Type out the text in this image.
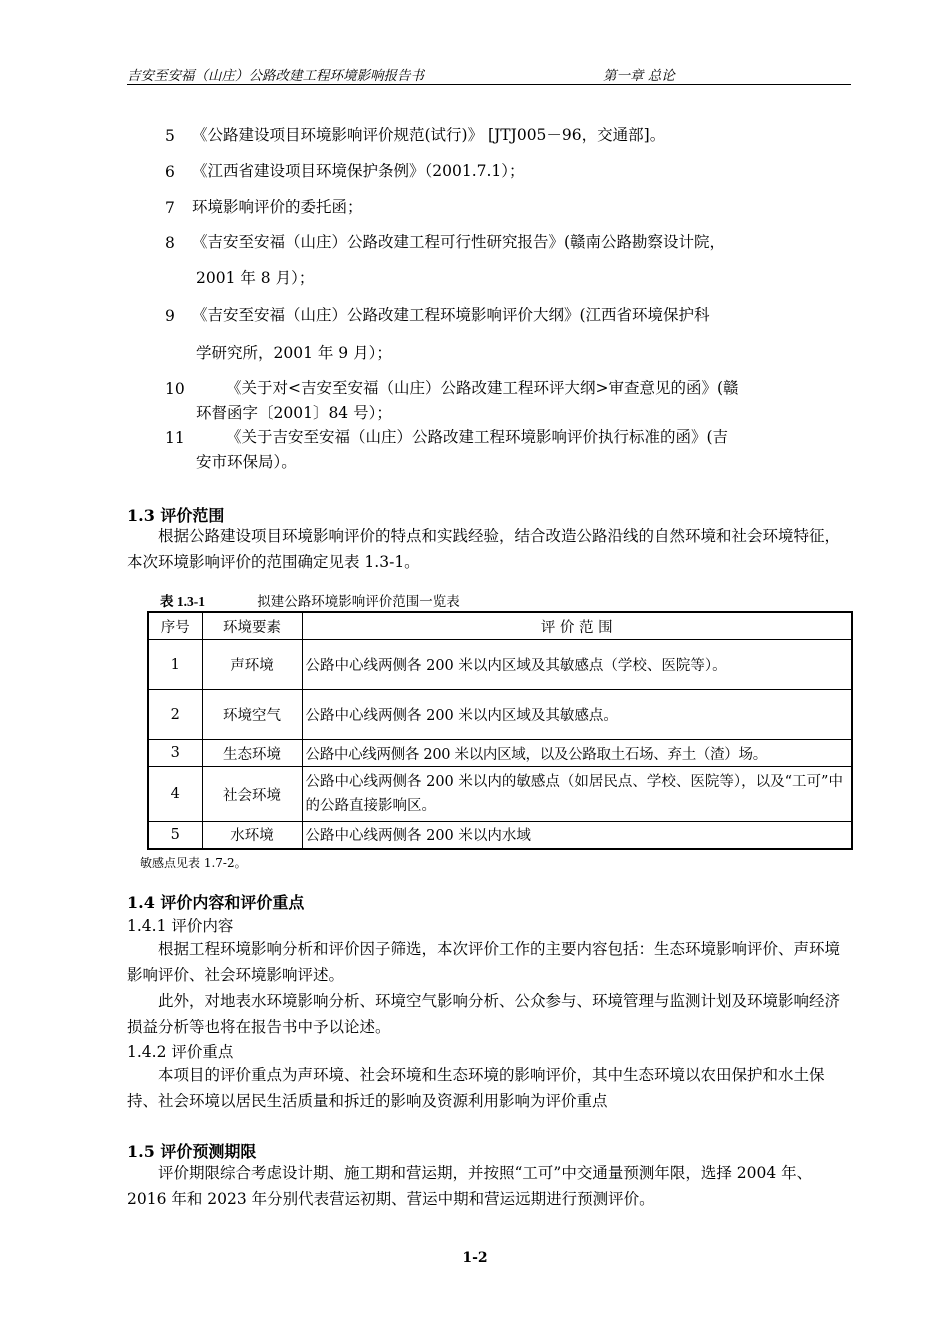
吉安至安福（山庄）公路改建工程环境影响报告书	第一章 总论
5 《公路建设项目环境影响评价规范(试行)》 [JTJ005－96，交通部]。
6 《江西省建设项目环境保护条例》（2001.7.1）；
7 环境影响评价的委托函；
8 《吉安至安福（山庄）公路改建工程可行性研究报告》(赣南公路勘察设计院，
2001 年 8 月）；
9 《吉安至安福（山庄）公路改建工程环境影响评价大纲》(江西省环境保护科
学研究所，2001 年 9 月）；
10	《关于对<吉安至安福（山庄）公路改建工程环评大纲>审查意见的函》(赣
环督函字〔2001〕84 号）；
11	《关于吉安至安福（山庄）公路改建工程环境影响评价执行标准的函》(吉
安市环保局）。
1.3 评价范围
根据公路建设项目环境影响评价的特点和实践经验，结合改造公路沿线的自然环境和社会环境特征，本次环境影响评价的范围确定见表 1.3-1。
表 1.3-1	拟建公路环境影响评价范围一览表
序号	环境要素	评 价 范 围
1	声环境	公路中心线两侧各 200 米以内区域及其敏感点（学校、医院等）。
2	环境空气	公路中心线两侧各 200 米以内区域及其敏感点。
3	生态环境	公路中心线两侧各 200 米以内区域，以及公路取土石场、弃土（渣）场。
4	社会环境	公路中心线两侧各 200 米以内的敏感点（如居民点、学校、医院等），以及“工可”中的公路直接影响区。
5	水环境	公路中心线两侧各 200 米以内水域
敏感点见表 1.7-2。
1.4 评价内容和评价重点
1.4.1 评价内容
根据工程环境影响分析和评价因子筛选，本次评价工作的主要内容包括：生态环境影响评价、声环境影响评价、社会环境影响评述。
此外，对地表水环境影响分析、环境空气影响分析、公众参与、环境管理与监测计划及环境影响经济损益分析等也将在报告书中予以论述。
1.4.2 评价重点
本项目的评价重点为声环境、社会环境和生态环境的影响评价，其中生态环境以农田保护和水土保持、社会环境以居民生活质量和拆迁的影响及资源利用影响为评价重点
1.5 评价预测期限
评价期限综合考虑设计期、施工期和营运期，并按照“工可”中交通量预测年限，选择 2004 年、2016 年和 2023 年分别代表营运初期、营运中期和营运远期进行预测评价。
1-2
